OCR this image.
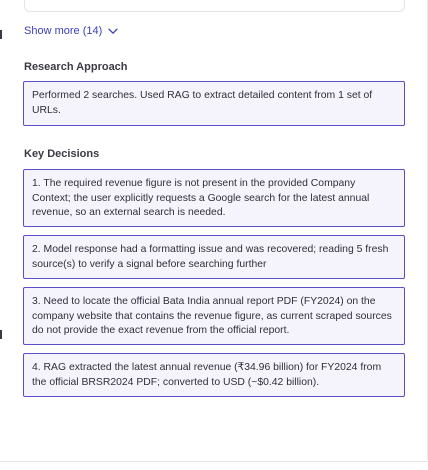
Show more (14)
Research Approach
Performed 2 searches. Used RAG to extract detailed content from 1 set of URLs.
Key Decisions
1. The required revenue figure is not present in the provided Company Context; the user explicitly requests a Google search for the latest annual revenue, so an external search is needed.
2. Model response had a formatting issue and was recovered; reading 5 fresh source(s) to verify a signal before searching further
3. Need to locate the official Bata India annual report PDF (FY2024) on the company website that contains the revenue figure, as current scraped sources do not provide the exact revenue from the official report.
4. RAG extracted the latest annual revenue (₹34.96 billion) for FY2024 from the official BRSR2024 PDF; converted to USD (~$0.42 billion).
